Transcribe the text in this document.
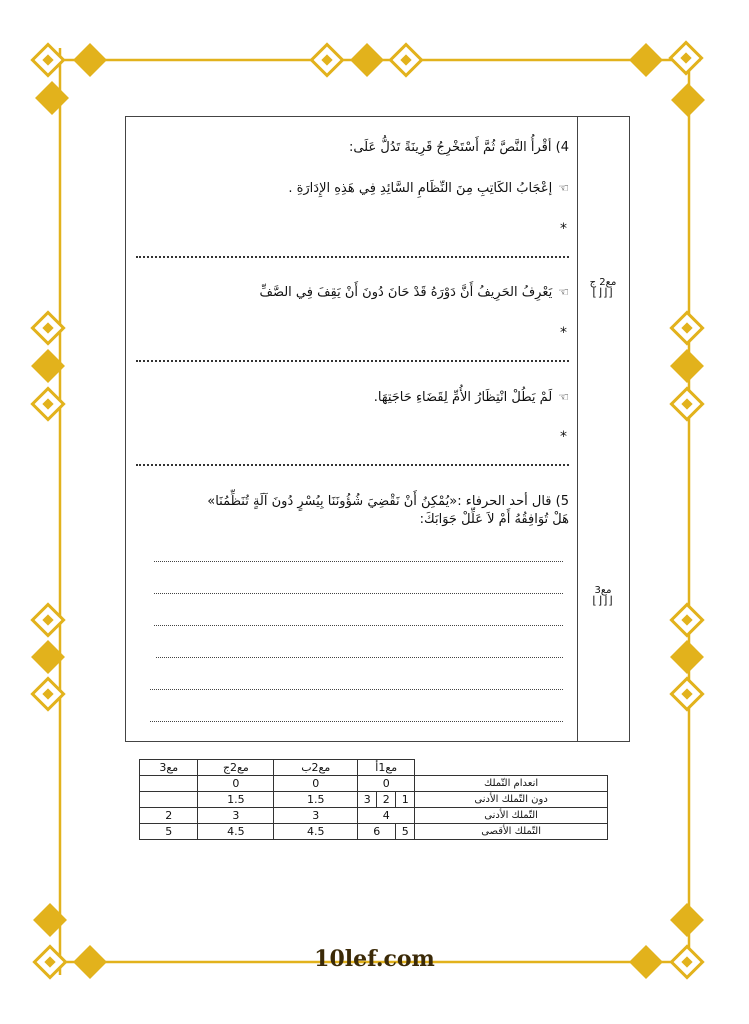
مع2 ج
⌊⌊⌊⌋
مع3
⌊⌊⌊⌋
4) أقْرأُ النَّصَّ ثُمَّ أَسْتَخْرِجُ قَرِينَةً تَدُلُّ عَلَى:
☜إعْجَابُ الكَاتِبِ مِنَ النِّظَامِ السَّائِدِ فِي هَذِهِ الإِدَارَةِ .
*
☜يَعْرِفُ الحَرِيفُ أَنَّ دَوْرَهُ قَدْ حَانَ دُونَ أَنْ يَقِفَ فِي الصَّفِّ
*
☜لَمْ يَطُلْ انْتِظَارُ الأُمِّ لِقَضَاءِ حَاجَتِهَا.
*
5) قال أحد الحرفاء :«يُمْكِنُ أَنْ نَقْضِيَ شُؤُونَنَا بِيُسْرٍ دُونَ آلَةٍ تُنَظِّمُنَا»
هَلْ تُوَافِقُهُ أَمْ لاَ عَلِّلْ جَوَابَكَ:
	مع1أ			مع2ب	مع2ج	مع3
انعدام التّملك	0			0	0	
دون التّملك الأدنى	1	2	3	1.5	1.5	
التّملك الأدنى	4			3	3	2
التّملك الأقصى	5	6		4.5	4.5	5
10lef.com
